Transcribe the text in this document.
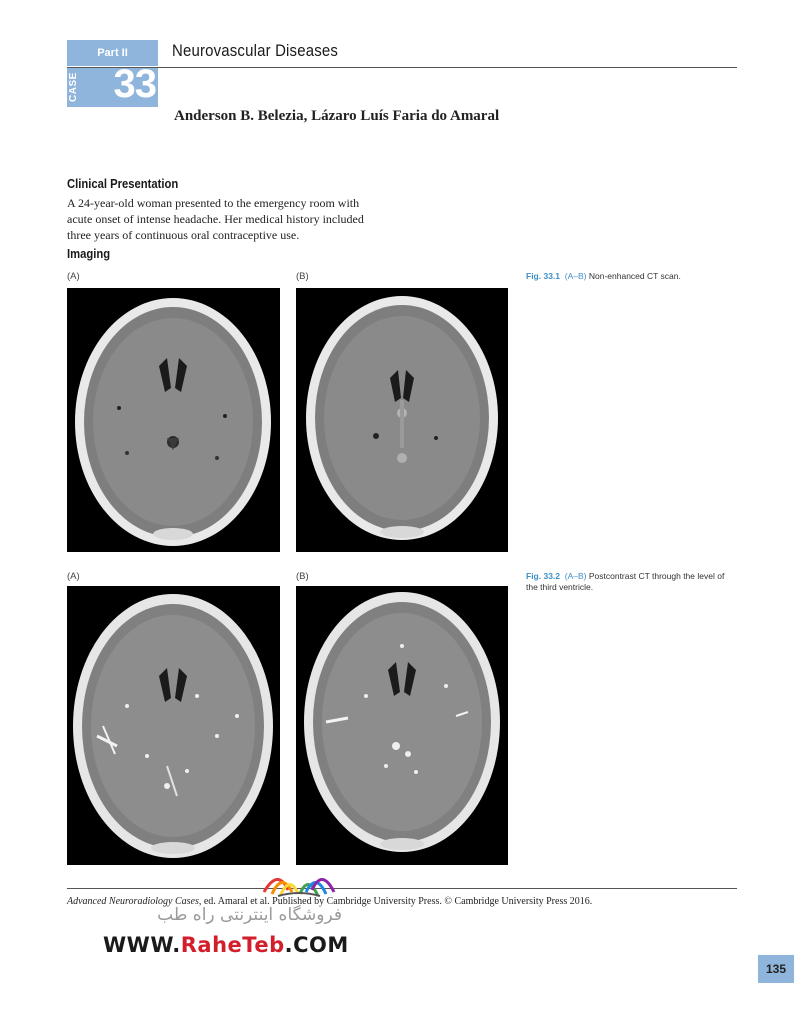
Part II	Neurovascular Diseases
CASE 33
Anderson B. Belezia, Lázaro Luís Faria do Amaral
Clinical Presentation
A 24-year-old woman presented to the emergency room with
acute onset of intense headache. Her medical history included
three years of continuous oral contraceptive use.
Imaging
(A)	(B)	Fig. 33.1 (A–B) Non-enhanced CT scan.
(A)	(B)	Fig. 33.2 (A–B) Postcontrast CT through the level of the third ventricle.
Advanced Neuroradiology Cases, ed. Amaral et al. Published by Cambridge University Press. © Cambridge University Press 2016.
135
فروشگاه اینترنتی راه طب
WWW.RaheTeb.COM
